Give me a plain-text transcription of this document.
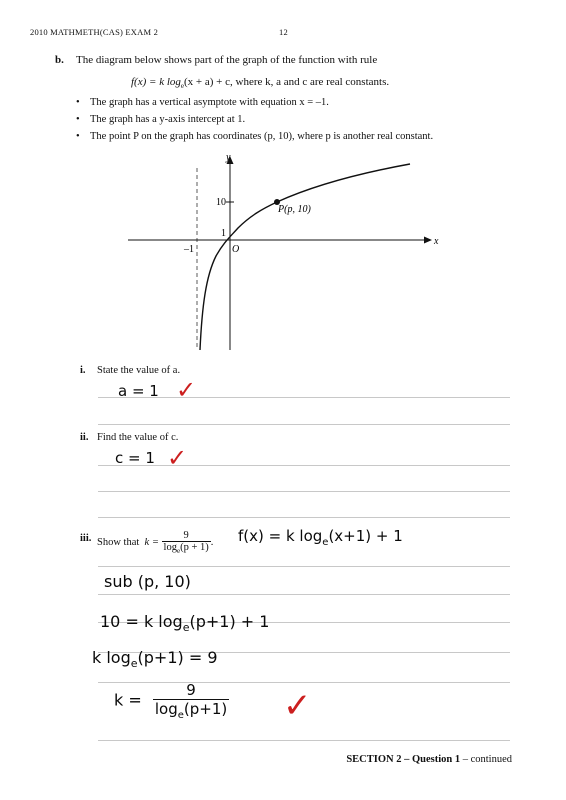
2010 MATHMETH(CAS) EXAM 2	12
b. The diagram below shows part of the graph of the function with rule
f(x) = k $\log_e(x + a) + c$, where k, a and c are real constants.
• The graph has a vertical asymptote with equation x = –1.
• The graph has a y-axis intercept at 1.
• The point P on the graph has coordinates (p, 10), where p is another real constant.
x
y
O
–1
1
10
P(p, 10)
i. State the value of a.
a = 1 ✓
ii. Find the value of c.
c = 1 ✓
iii. Show that $k = \frac{9}{\log_e(p + 1)}$ . f(x) = k $\log_e(x+1) + 1$
sub (p, 10)
10 = k $\log_e(p+1) + 1$
k $\log_e(p+1) = 9$
$k = \frac{9}{\log_e(p+1)}$ ✓
SECTION 2 – Question 1 – continued
